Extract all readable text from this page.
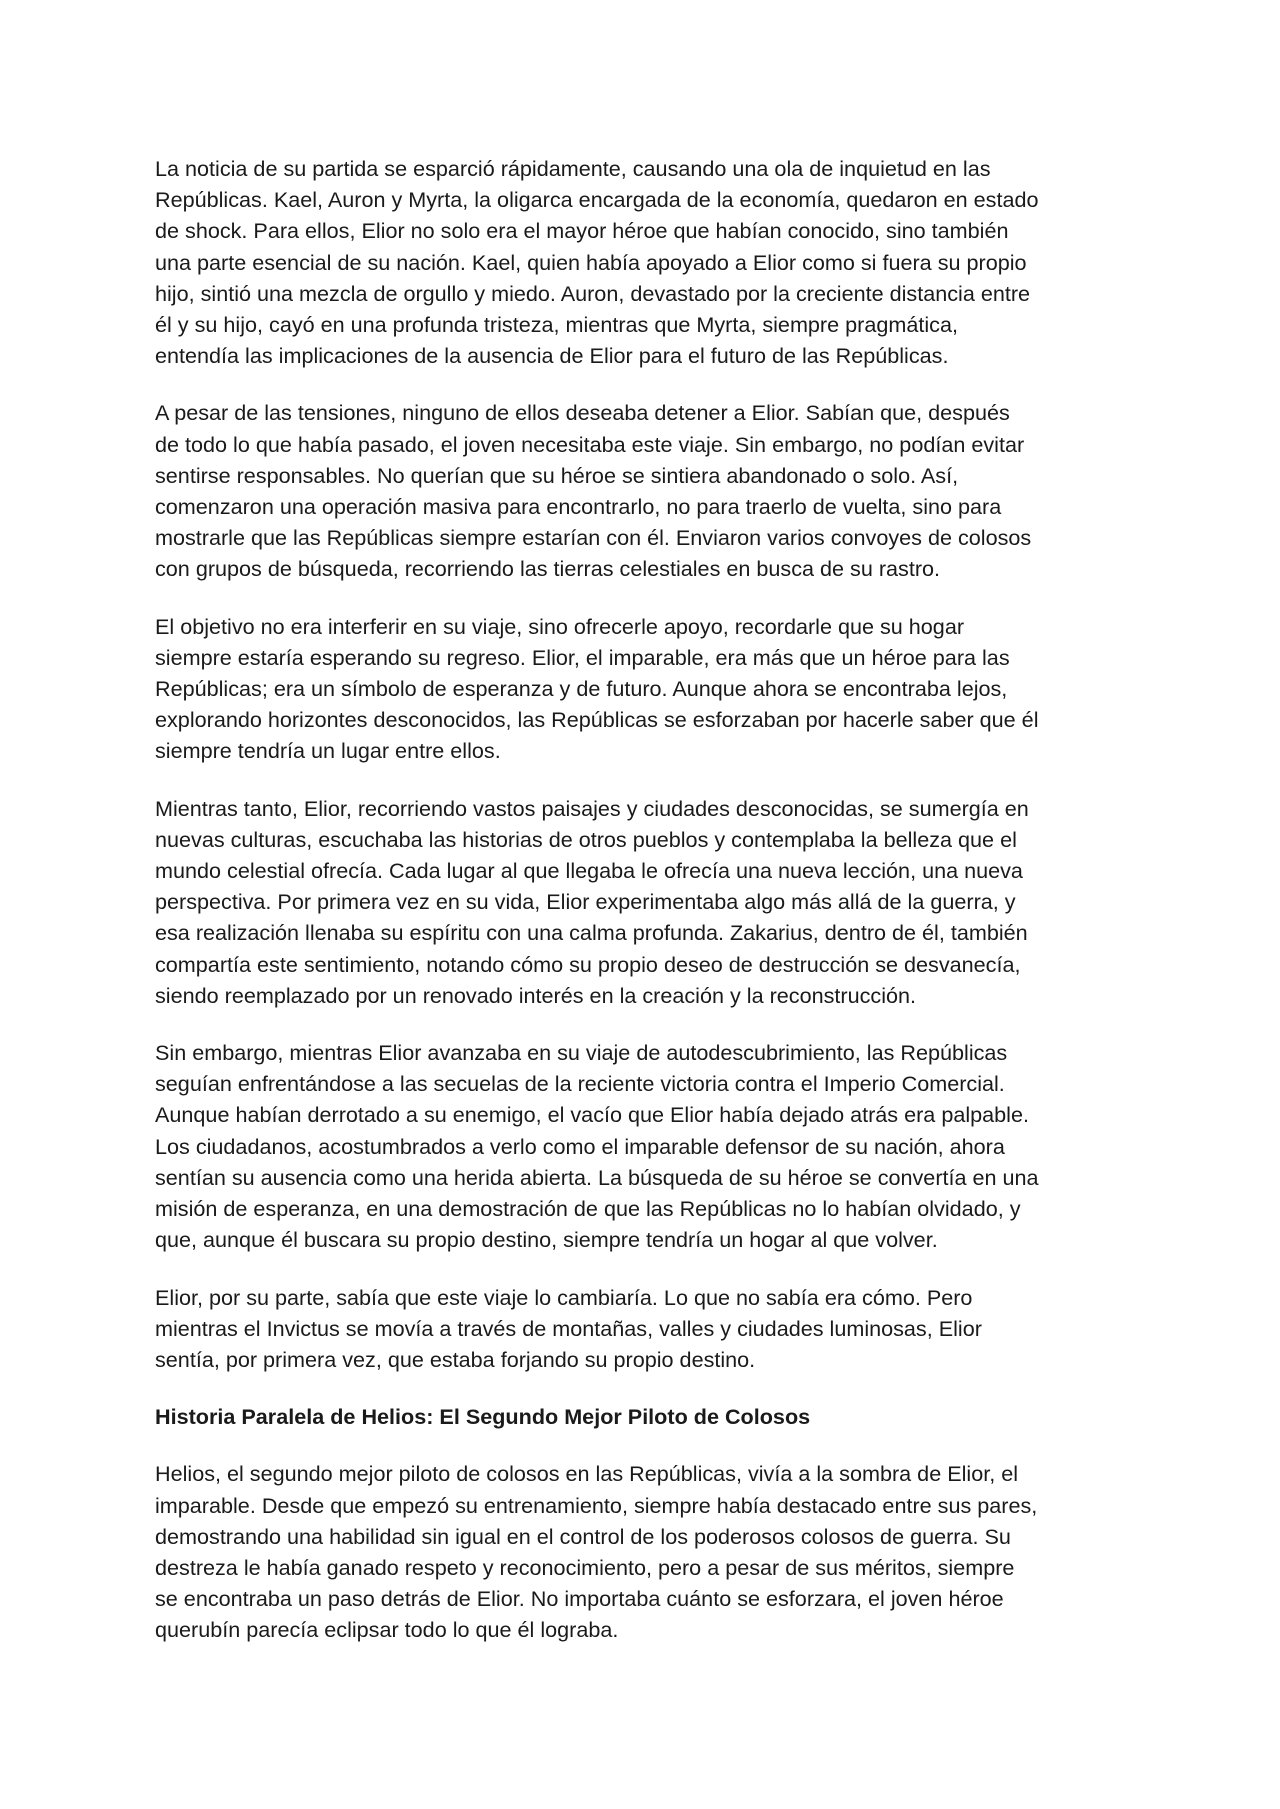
La noticia de su partida se esparció rápidamente, causando una ola de inquietud en las
Repúblicas. Kael, Auron y Myrta, la oligarca encargada de la economía, quedaron en estado
de shock. Para ellos, Elior no solo era el mayor héroe que habían conocido, sino también
una parte esencial de su nación. Kael, quien había apoyado a Elior como si fuera su propio
hijo, sintió una mezcla de orgullo y miedo. Auron, devastado por la creciente distancia entre
él y su hijo, cayó en una profunda tristeza, mientras que Myrta, siempre pragmática,
entendía las implicaciones de la ausencia de Elior para el futuro de las Repúblicas.
A pesar de las tensiones, ninguno de ellos deseaba detener a Elior. Sabían que, después
de todo lo que había pasado, el joven necesitaba este viaje. Sin embargo, no podían evitar
sentirse responsables. No querían que su héroe se sintiera abandonado o solo. Así,
comenzaron una operación masiva para encontrarlo, no para traerlo de vuelta, sino para
mostrarle que las Repúblicas siempre estarían con él. Enviaron varios convoyes de colosos
con grupos de búsqueda, recorriendo las tierras celestiales en busca de su rastro.
El objetivo no era interferir en su viaje, sino ofrecerle apoyo, recordarle que su hogar
siempre estaría esperando su regreso. Elior, el imparable, era más que un héroe para las
Repúblicas; era un símbolo de esperanza y de futuro. Aunque ahora se encontraba lejos,
explorando horizontes desconocidos, las Repúblicas se esforzaban por hacerle saber que él
siempre tendría un lugar entre ellos.
Mientras tanto, Elior, recorriendo vastos paisajes y ciudades desconocidas, se sumergía en
nuevas culturas, escuchaba las historias de otros pueblos y contemplaba la belleza que el
mundo celestial ofrecía. Cada lugar al que llegaba le ofrecía una nueva lección, una nueva
perspectiva. Por primera vez en su vida, Elior experimentaba algo más allá de la guerra, y
esa realización llenaba su espíritu con una calma profunda. Zakarius, dentro de él, también
compartía este sentimiento, notando cómo su propio deseo de destrucción se desvanecía,
siendo reemplazado por un renovado interés en la creación y la reconstrucción.
Sin embargo, mientras Elior avanzaba en su viaje de autodescubrimiento, las Repúblicas
seguían enfrentándose a las secuelas de la reciente victoria contra el Imperio Comercial.
Aunque habían derrotado a su enemigo, el vacío que Elior había dejado atrás era palpable.
Los ciudadanos, acostumbrados a verlo como el imparable defensor de su nación, ahora
sentían su ausencia como una herida abierta. La búsqueda de su héroe se convertía en una
misión de esperanza, en una demostración de que las Repúblicas no lo habían olvidado, y
que, aunque él buscara su propio destino, siempre tendría un hogar al que volver.
Elior, por su parte, sabía que este viaje lo cambiaría. Lo que no sabía era cómo. Pero
mientras el Invictus se movía a través de montañas, valles y ciudades luminosas, Elior
sentía, por primera vez, que estaba forjando su propio destino.
Historia Paralela de Helios: El Segundo Mejor Piloto de Colosos
Helios, el segundo mejor piloto de colosos en las Repúblicas, vivía a la sombra de Elior, el
imparable. Desde que empezó su entrenamiento, siempre había destacado entre sus pares,
demostrando una habilidad sin igual en el control de los poderosos colosos de guerra. Su
destreza le había ganado respeto y reconocimiento, pero a pesar de sus méritos, siempre
se encontraba un paso detrás de Elior. No importaba cuánto se esforzara, el joven héroe
querubín parecía eclipsar todo lo que él lograba.
